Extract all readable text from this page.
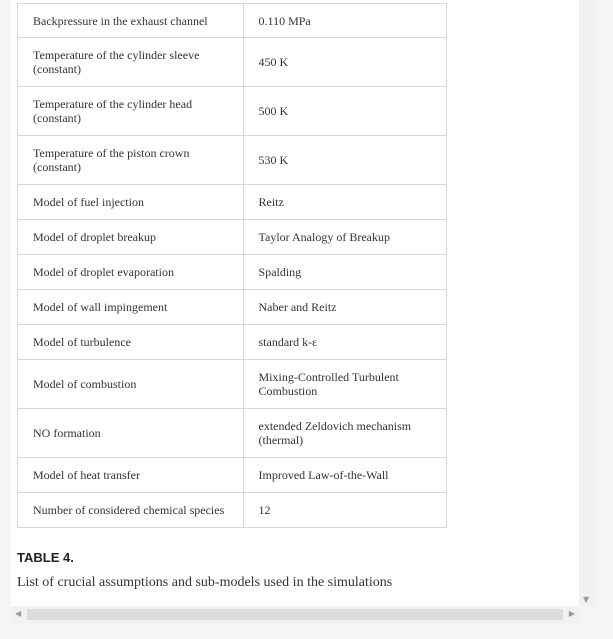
Backpressure in the exhaust channel	0.110 MPa
Temperature of the cylinder sleeve (constant)	450 K
Temperature of the cylinder head (constant)	500 K
Temperature of the piston crown (constant)	530 K
Model of fuel injection	Reitz
Model of droplet breakup	Taylor Analogy of Breakup
Model of droplet evaporation	Spalding
Model of wall impingement	Naber and Reitz
Model of turbulence	standard k-ε
Model of combustion	Mixing-Controlled Turbulent Combustion
NO formation	extended Zeldovich mechanism (thermal)
Model of heat transfer	Improved Law-of-the-Wall
Number of considered chemical species	12
TABLE 4.
List of crucial assumptions and sub-models used in the simulations
▼
◀	▶
